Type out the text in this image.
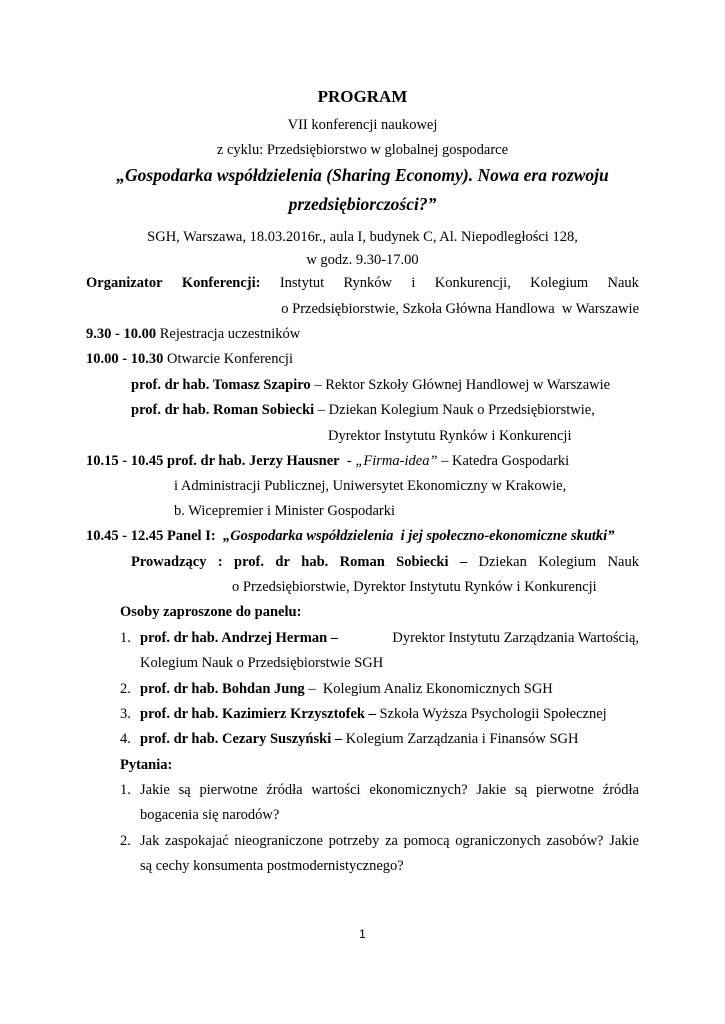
PROGRAM
VII konferencji naukowej
z cyklu: Przedsiębiorstwo w globalnej gospodarce
„Gospodarka współdzielenia (Sharing Economy). Nowa era rozwoju
przedsiębiorczości?”
SGH, Warszawa, 18.03.2016r., aula I, budynek C, Al. Niepodległości 128,
w godz. 9.30-17.00
Organizator Konferencji: Instytut Rynków i Konkurencji, Kolegium Nauk
o Przedsiębiorstwie, Szkoła Główna Handlowa  w Warszawie
9.30 - 10.00 Rejestracja uczestników
10.00 - 10.30 Otwarcie Konferencji
prof. dr hab. Tomasz Szapiro – Rektor Szkoły Głównej Handlowej w Warszawie
prof. dr hab. Roman Sobiecki – Dziekan Kolegium Nauk o Przedsiębiorstwie,
Dyrektor Instytutu Rynków i Konkurencji
10.15 - 10.45 prof. dr hab. Jerzy Hausner  - „Firma-idea” – Katedra Gospodarki
i Administracji Publicznej, Uniwersytet Ekonomiczny w Krakowie,
b. Wicepremier i Minister Gospodarki
10.45 - 12.45 Panel I:  „Gospodarka współdzielenia  i jej społeczno-ekonomiczne skutki”
Prowadzący : prof. dr hab. Roman Sobiecki – Dziekan Kolegium Nauk
o Przedsiębiorstwie, Dyrektor Instytutu Rynków i Konkurencji
Osoby zaproszone do panelu:
1. prof. dr hab. Andrzej Herman –	Dyrektor Instytutu Zarządzania Wartością,
Kolegium Nauk o Przedsiębiorstwie SGH
2. prof. dr hab. Bohdan Jung –  Kolegium Analiz Ekonomicznych SGH
3. prof. dr hab. Kazimierz Krzysztofek – Szkoła Wyższa Psychologii Społecznej
4. prof. dr hab. Cezary Suszyński – Kolegium Zarządzania i Finansów SGH
Pytania:
1. Jakie są pierwotne źródła wartości ekonomicznych? Jakie są pierwotne źródła
bogacenia się narodów?
2. Jak zaspokajać nieograniczone potrzeby za pomocą ograniczonych zasobów? Jakie
są cechy konsumenta postmodernistycznego?
1
